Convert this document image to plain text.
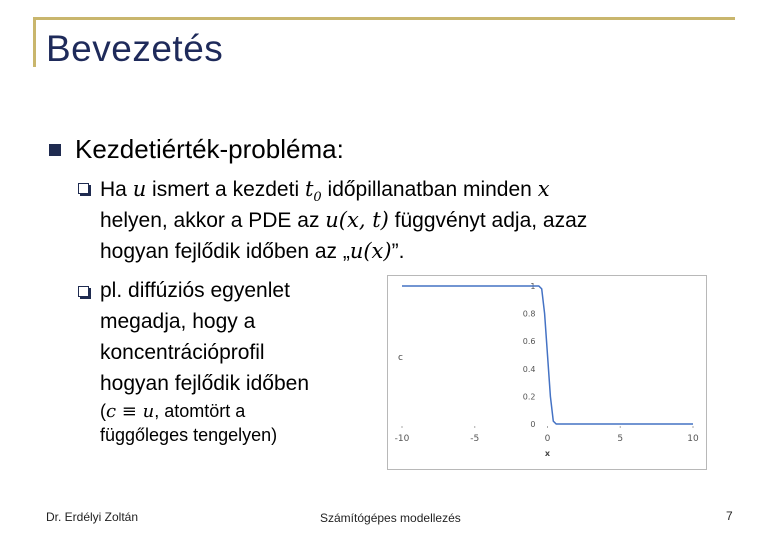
Bevezetés
Kezdetiérték-probléma:
Ha u ismert a kezdeti $t_0$ időpillanatban minden x
helyen, akkor a PDE az u(x, t) függvényt adja, azaz
hogyan fejlődik időben az „u(x)”.
pl. diffúziós egyenlet
megadja, hogy a
koncentrációprofil
hogyan fejlődik időben
(c ≡ u, atomtört a
függőleges tengelyen)
1
0.8
0.6
0.4
0.2
0
-10	-5	0	5	10
x
c
Dr. Erdélyi Zoltán	Számítógépes modellezés	7
